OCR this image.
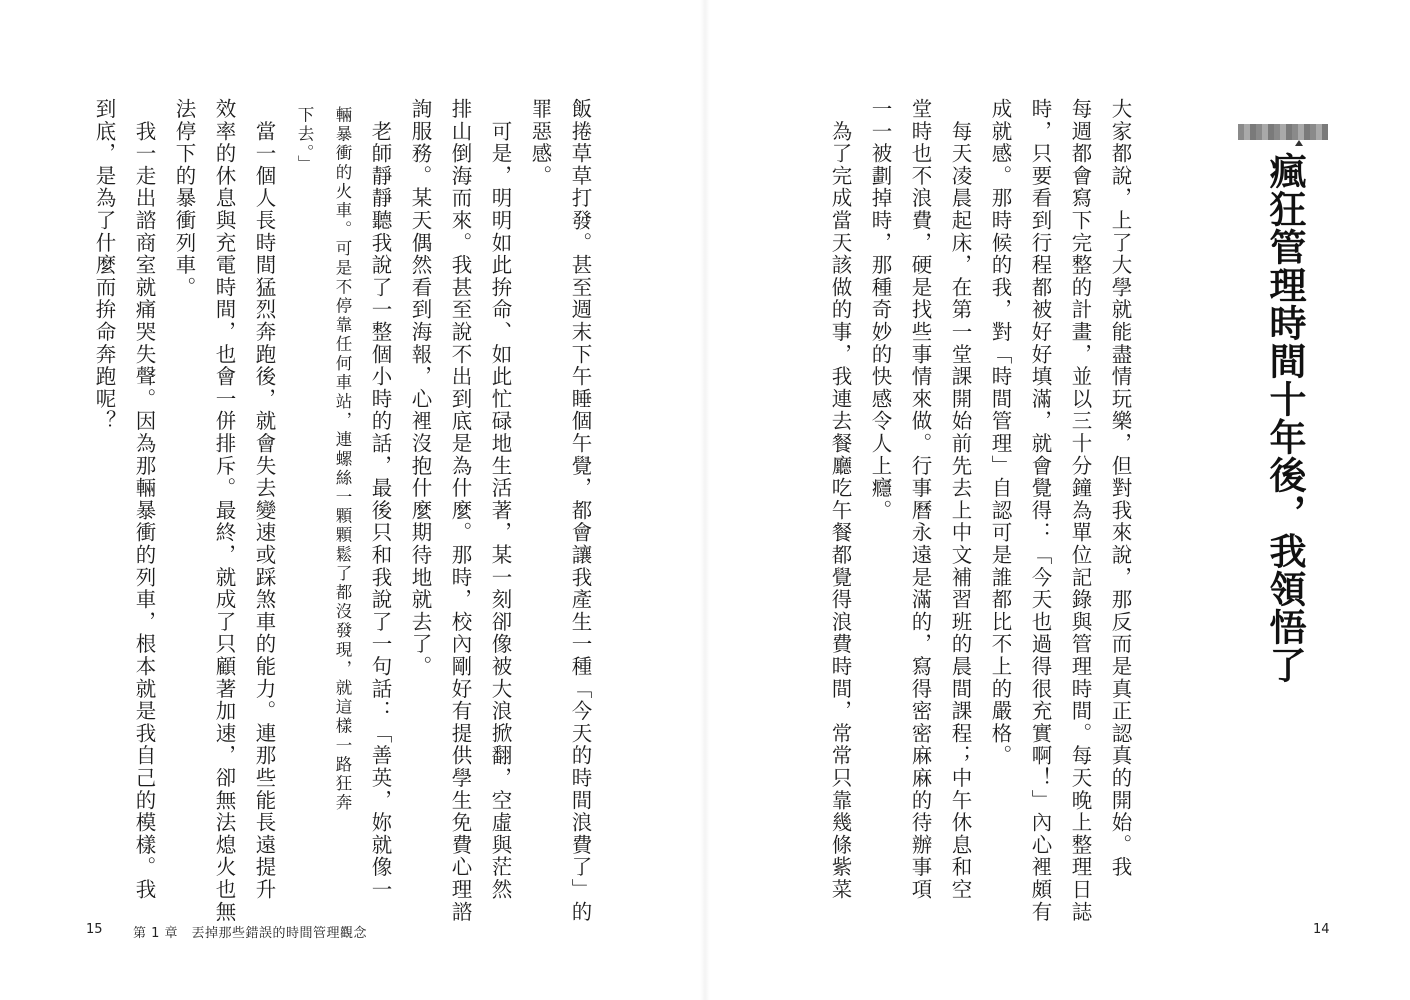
瘋狂管理時間十年後，我領悟了
大家都說，上了大學就能盡情玩樂，但對我來說，那反而是真正認真的開始。我
每週都會寫下完整的計畫，並以三十分鐘為單位記錄與管理時間。每天晚上整理日誌
時，只要看到行程都被好好填滿，就會覺得：「今天也過得很充實啊！」內心裡頗有
成就感。那時候的我，對「時間管理」自認可是誰都比不上的嚴格。
　每天凌晨起床，在第一堂課開始前先去上中文補習班的晨間課程；中午休息和空
堂時也不浪費，硬是找些事情來做。行事曆永遠是滿的，寫得密密麻麻的待辦事項
一一被劃掉時，那種奇妙的快感令人上癮。
　為了完成當天該做的事，我連去餐廳吃午餐都覺得浪費時間，常常只靠幾條紫菜
14
飯捲草草打發。甚至週末下午睡個午覺，都會讓我產生一種「今天的時間浪費了」的
罪惡感。
　可是，明明如此拚命、如此忙碌地生活著，某一刻卻像被大浪掀翻，空虛與茫然
排山倒海而來。我甚至說不出到底是為什麼。那時，校內剛好有提供學生免費心理諮
詢服務。某天偶然看到海報，心裡沒抱什麼期待地就去了。
　老師靜靜聽我說了一整個小時的話，最後只和我說了一句話：「善英，妳就像一
輛暴衝的火車。可是不停靠任何車站，連螺絲一顆顆鬆了都沒發現，就這樣一路狂奔
下去。」
　當一個人長時間猛烈奔跑後，就會失去變速或踩煞車的能力。連那些能長遠提升
效率的休息與充電時間，也會一併排斥。最終，就成了只顧著加速，卻無法熄火也無
法停下的暴衝列車。
　我一走出諮商室就痛哭失聲。因為那輛暴衝的列車，根本就是我自己的模樣。我
到底，是為了什麼而拚命奔跑呢？
15 第 1 章　丟掉那些錯誤的時間管理觀念
